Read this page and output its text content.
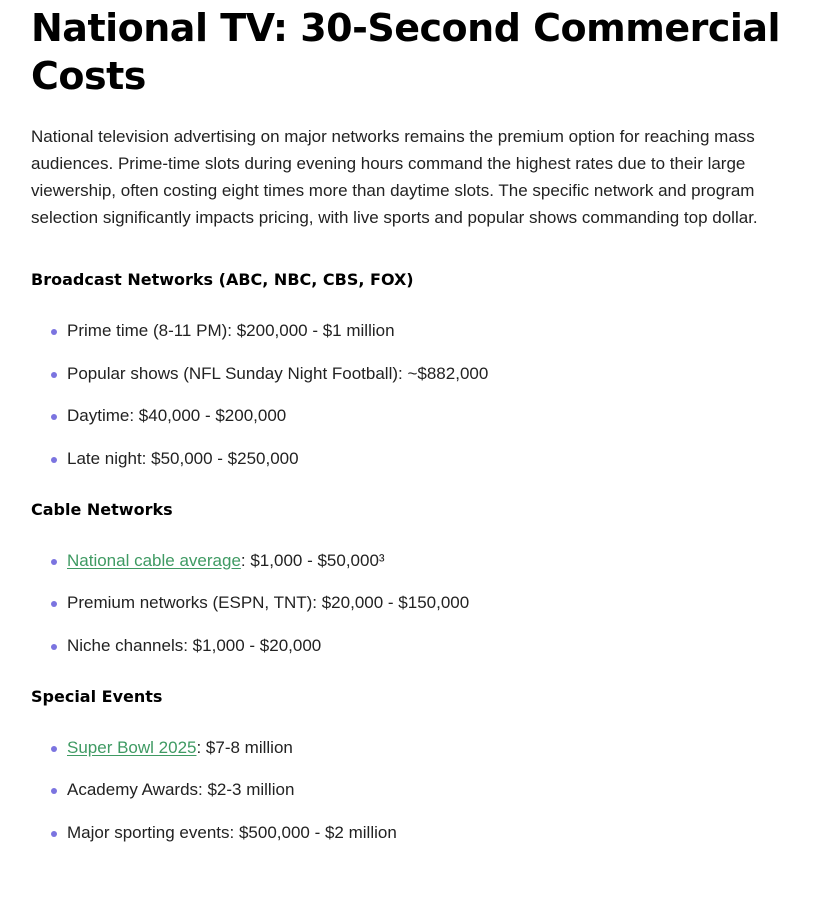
National TV: 30-Second Commercial Costs

National television advertising on major networks remains the premium option for reaching mass audiences. Prime-time slots during evening hours command the highest rates due to their large viewership, often costing eight times more than daytime slots. The specific network and program selection significantly impacts pricing, with live sports and popular shows commanding top dollar.

Broadcast Networks (ABC, NBC, CBS, FOX)
Prime time (8-11 PM): $200,000 - $1 million
Popular shows (NFL Sunday Night Football): ~$882,000
Daytime: $40,000 - $200,000
Late night: $50,000 - $250,000
Cable Networks
National cable average: $1,000 - $50,000³
Premium networks (ESPN, TNT): $20,000 - $150,000
Niche channels: $1,000 - $20,000
Special Events
Super Bowl 2025: $7-8 million
Academy Awards: $2-3 million
Major sporting events: $500,000 - $2 million
